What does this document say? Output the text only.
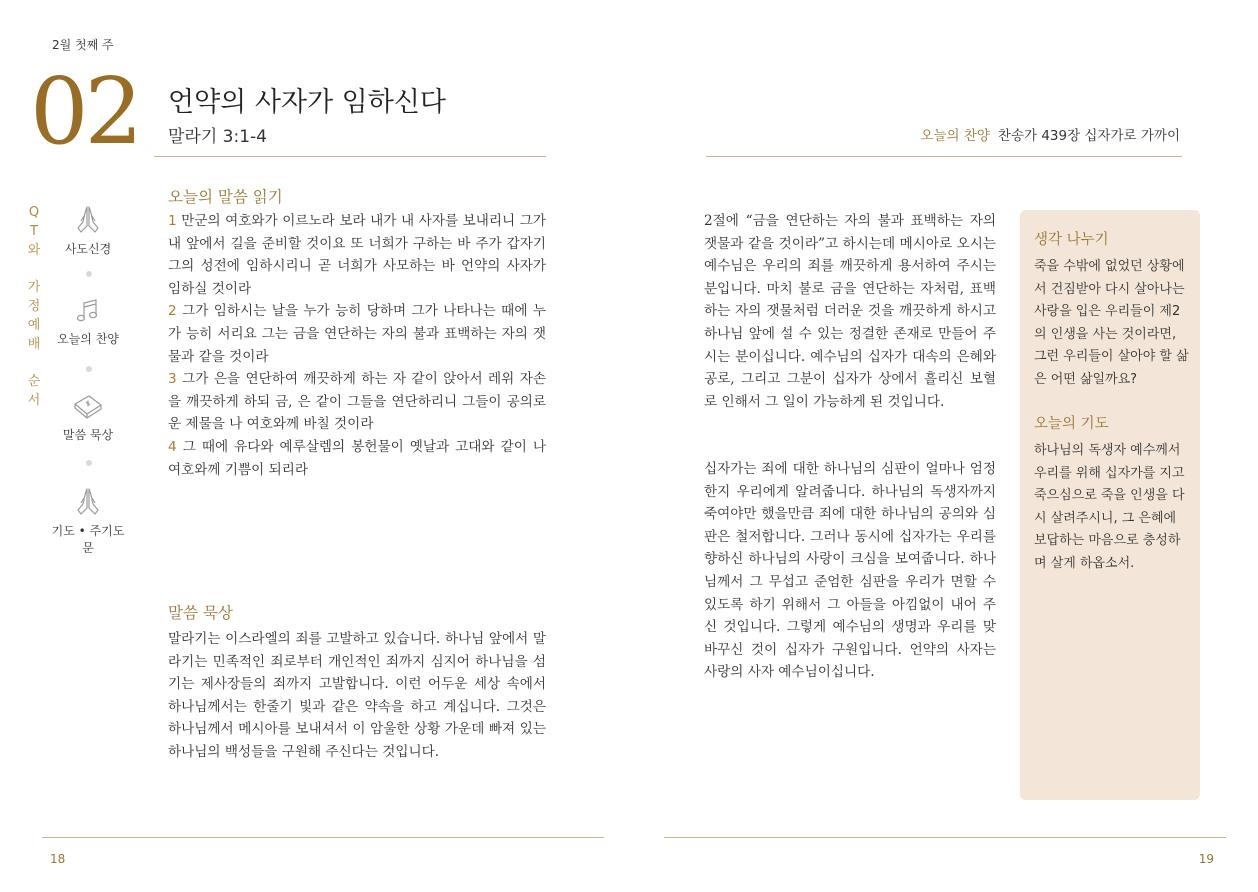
2월 첫째 주
02 언약의 사자가 임하신다
말라기 3:1-4	오늘의 찬양 찬송가 439장 십자가로 가까이
Q
T
와
가
정
예
배
순
서
사도신경
오늘의 찬양
말씀 묵상
기도 • 주기도문
오늘의 말씀 읽기
1 만군의 여호와가 이르노라 보라 내가 내 사자를 보내리니 그가 내 앞에서 길을 준비할 것이요 또 너희가 구하는 바 주가 갑자기 그의 성전에 임하시리니 곧 너희가 사모하는 바 언약의 사자가 임하실 것이라
2 그가 임하시는 날을 누가 능히 당하며 그가 나타나는 때에 누가 능히 서리요 그는 금을 연단하는 자의 불과 표백하는 자의 잿물과 같을 것이라
3 그가 은을 연단하여 깨끗하게 하는 자 같이 앉아서 레위 자손을 깨끗하게 하되 금, 은 같이 그들을 연단하리니 그들이 공의로운 제물을 나 여호와께 바칠 것이라
4 그 때에 유다와 예루살렘의 봉헌물이 옛날과 고대와 같이 나 여호와께 기쁨이 되리라
말씀 묵상
말라기는 이스라엘의 죄를 고발하고 있습니다. 하나님 앞에서 말라기는 민족적인 죄로부터 개인적인 죄까지 심지어 하나님을 섬기는 제사장들의 죄까지 고발합니다. 이런 어두운 세상 속에서 하나님께서는 한줄기 빛과 같은 약속을 하고 계십니다. 그것은 하나님께서 메시아를 보내셔서 이 암울한 상황 가운데 빠져 있는 하나님의 백성들을 구원해 주신다는 것입니다.
2절에 “금을 연단하는 자의 불과 표백하는 자의 잿물과 같을 것이라”고 하시는데 메시아로 오시는 예수님은 우리의 죄를 깨끗하게 용서하여 주시는 분입니다. 마치 불로 금을 연단하는 자처럼, 표백하는 자의 잿물처럼 더러운 것을 깨끗하게 하시고 하나님 앞에 설 수 있는 정결한 존재로 만들어 주시는 분이십니다. 예수님의 십자가 대속의 은혜와 공로, 그리고 그분이 십자가 상에서 흘리신 보혈로 인해서 그 일이 가능하게 된 것입니다.
십자가는 죄에 대한 하나님의 심판이 얼마나 엄정한지 우리에게 알려줍니다. 하나님의 독생자까지 죽여야만 했을만큼 죄에 대한 하나님의 공의와 심판은 철저합니다. 그러나 동시에 십자가는 우리를 향하신 하나님의 사랑이 크심을 보여줍니다. 하나님께서 그 무섭고 준엄한 심판을 우리가 면할 수 있도록 하기 위해서 그 아들을 아낌없이 내어 주신 것입니다. 그렇게 예수님의 생명과 우리를 맞바꾸신 것이 십자가 구원입니다. 언약의 사자는 사랑의 사자 예수님이십니다.
생각 나누기
죽을 수밖에 없었던 상황에서 건짐받아 다시 살아나는 사랑을 입은 우리들이 제2의 인생을 사는 것이라면, 그런 우리들이 살아야 할 삶은 어떤 삶일까요?
오늘의 기도
하나님의 독생자 예수께서 우리를 위해 십자가를 지고 죽으심으로 죽을 인생을 다시 살려주시니, 그 은혜에 보답하는 마음으로 충성하며 살게 하옵소서.
18	19
